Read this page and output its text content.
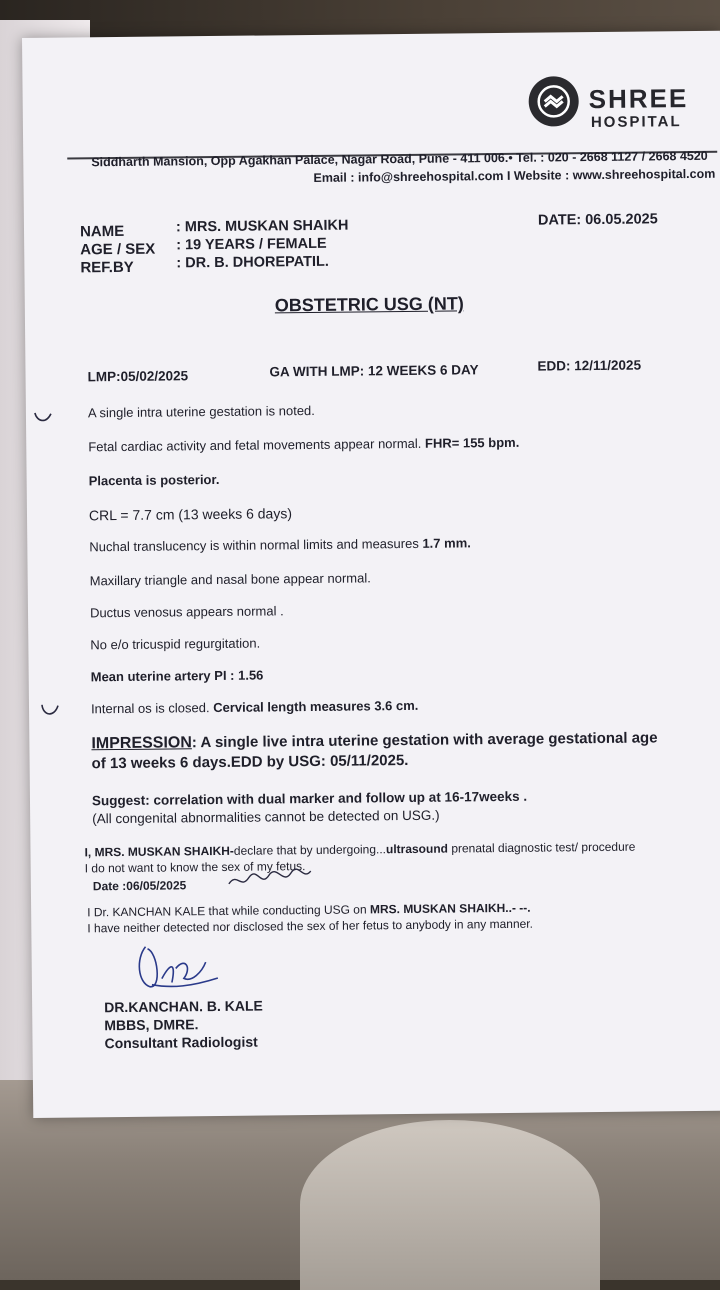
SHREE
HOSPITAL
Siddharth Mansion, Opp Agakhan Palace, Nagar Road, Pune - 411 006.• Tel. : 020 - 2668 1127 / 2668 4520
Email : info@shreehospital.com I Website : www.shreehospital.com
NAME	: MRS. MUSKAN SHAIKH
AGE / SEX : 19 YEARS / FEMALE
REF.BY	: DR. B. DHOREPATIL.
DATE: 06.05.2025
OBSTETRIC USG (NT)
LMP:05/02/2025	GA WITH LMP: 12 WEEKS 6 DAY	EDD: 12/11/2025
A single intra uterine gestation is noted.
Fetal cardiac activity and fetal movements appear normal. FHR= 155 bpm.
Placenta is posterior.
CRL = 7.7 cm (13 weeks 6 days)
Nuchal translucency is within normal limits and measures 1.7 mm.
Maxillary triangle and nasal bone appear normal.
Ductus venosus appears normal .
No e/o tricuspid regurgitation.
Mean uterine artery PI : 1.56
Internal os is closed. Cervical length measures 3.6 cm.
IMPRESSION: A single live intra uterine gestation with average gestational age
of 13 weeks 6 days.EDD by USG: 05/11/2025.
Suggest: correlation with dual marker and follow up at 16-17weeks .
(All congenital abnormalities cannot be detected on USG.)
I, MRS. MUSKAN SHAIKH-declare that by undergoing...ultrasound prenatal diagnostic test/ procedure
I do not want to know the sex of my fetus.
Date :06/05/2025
I Dr. KANCHAN KALE that while conducting USG on MRS. MUSKAN SHAIKH..- --.
I have neither detected nor disclosed the sex of her fetus to anybody in any manner.
DR.KANCHAN. B. KALE
MBBS, DMRE.
Consultant Radiologist
